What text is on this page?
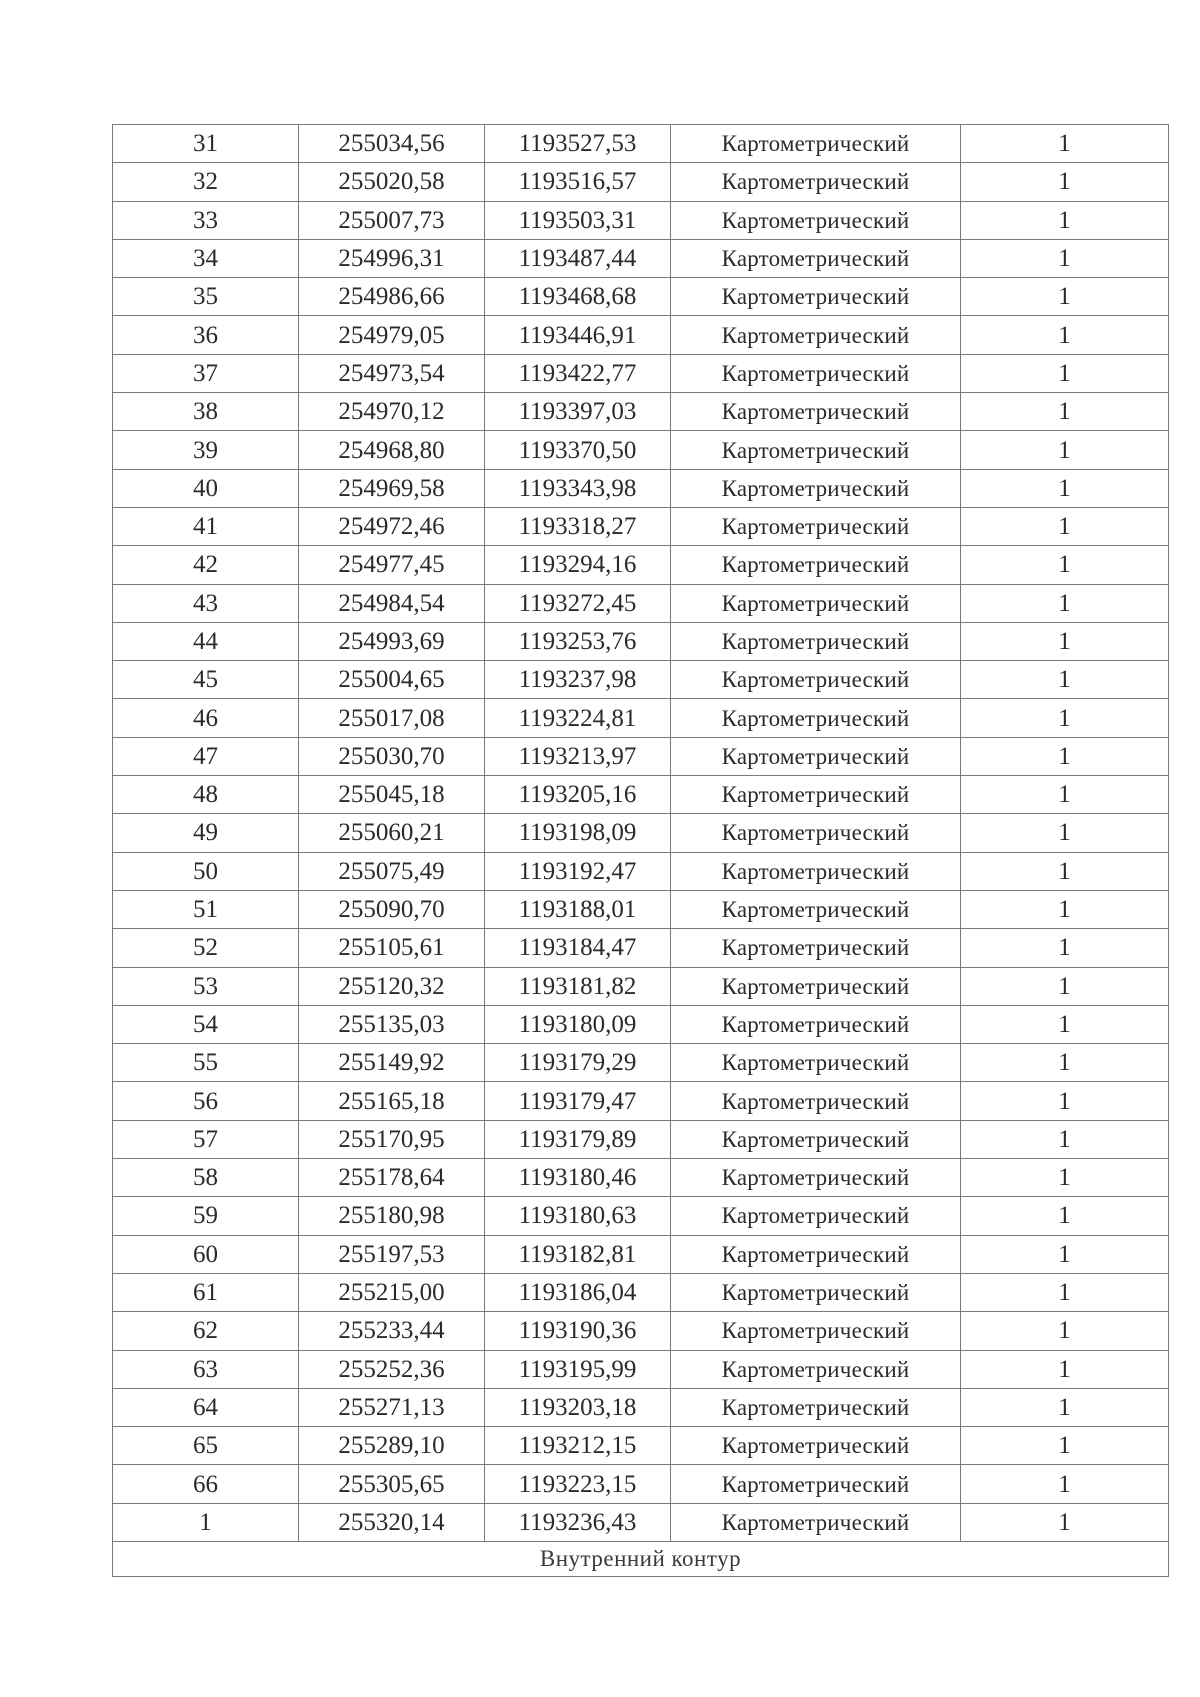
31	255034,56	1193527,53	Картометрический	1
32	255020,58	1193516,57	Картометрический	1
33	255007,73	1193503,31	Картометрический	1
34	254996,31	1193487,44	Картометрический	1
35	254986,66	1193468,68	Картометрический	1
36	254979,05	1193446,91	Картометрический	1
37	254973,54	1193422,77	Картометрический	1
38	254970,12	1193397,03	Картометрический	1
39	254968,80	1193370,50	Картометрический	1
40	254969,58	1193343,98	Картометрический	1
41	254972,46	1193318,27	Картометрический	1
42	254977,45	1193294,16	Картометрический	1
43	254984,54	1193272,45	Картометрический	1
44	254993,69	1193253,76	Картометрический	1
45	255004,65	1193237,98	Картометрический	1
46	255017,08	1193224,81	Картометрический	1
47	255030,70	1193213,97	Картометрический	1
48	255045,18	1193205,16	Картометрический	1
49	255060,21	1193198,09	Картометрический	1
50	255075,49	1193192,47	Картометрический	1
51	255090,70	1193188,01	Картометрический	1
52	255105,61	1193184,47	Картометрический	1
53	255120,32	1193181,82	Картометрический	1
54	255135,03	1193180,09	Картометрический	1
55	255149,92	1193179,29	Картометрический	1
56	255165,18	1193179,47	Картометрический	1
57	255170,95	1193179,89	Картометрический	1
58	255178,64	1193180,46	Картометрический	1
59	255180,98	1193180,63	Картометрический	1
60	255197,53	1193182,81	Картометрический	1
61	255215,00	1193186,04	Картометрический	1
62	255233,44	1193190,36	Картометрический	1
63	255252,36	1193195,99	Картометрический	1
64	255271,13	1193203,18	Картометрический	1
65	255289,10	1193212,15	Картометрический	1
66	255305,65	1193223,15	Картометрический	1
1	255320,14	1193236,43	Картометрический	1
Внутренний контур				
